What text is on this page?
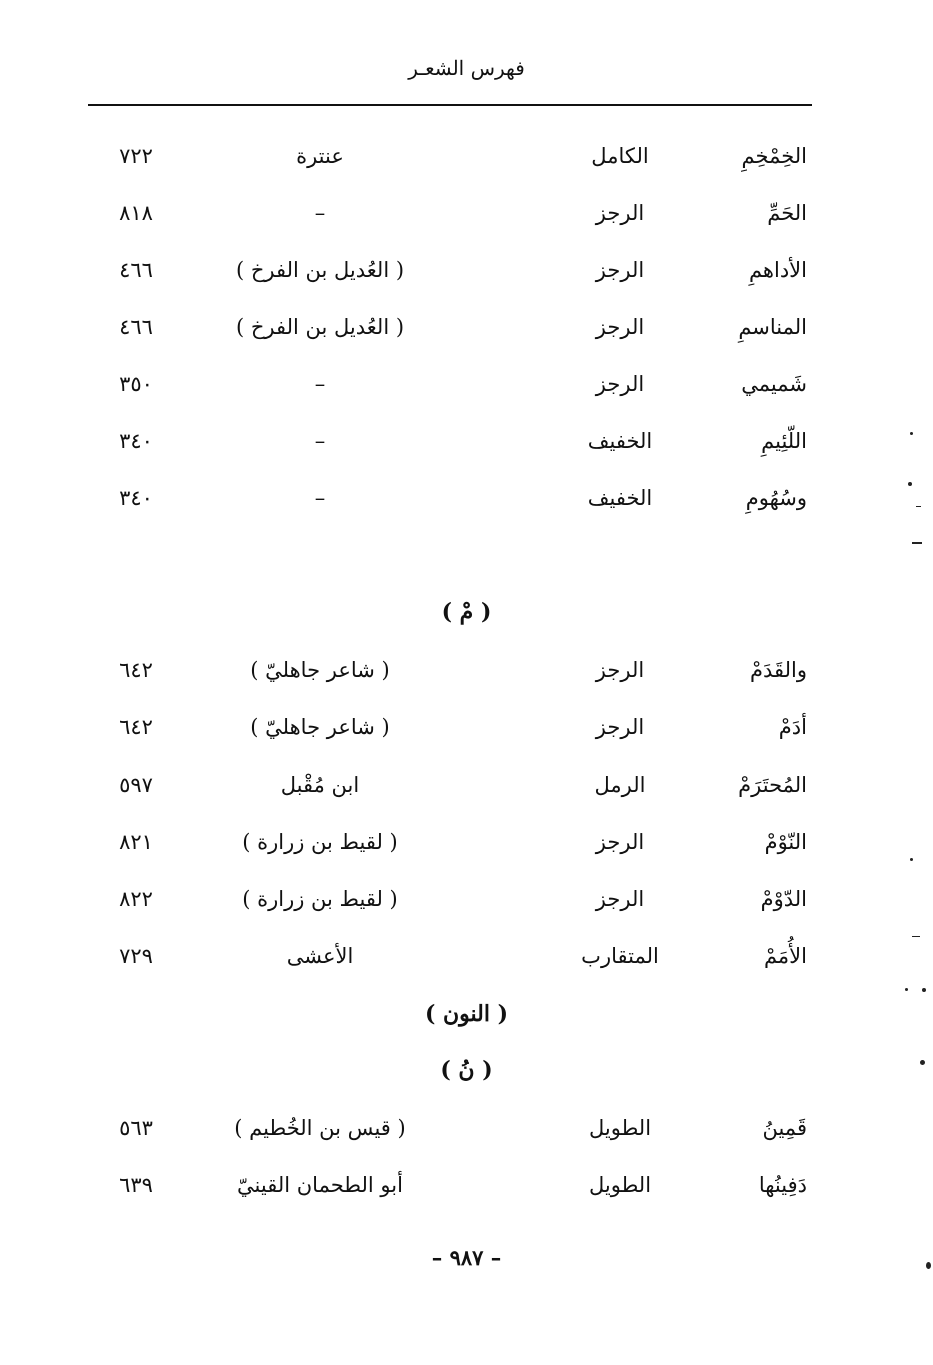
فهرس الشعـر
الخِمْخِمِ
الكامل
عنترة
٧٢٢
الحَمِّ
الرجز
–
٨١٨
الأداهمِ
الرجز
( العُديل بن الفرخ )
٤٦٦
المناسمِ
الرجز
( العُديل بن الفرخ )
٤٦٦
شَميمي
الرجز
–
٣٥٠
اللّئِيمِ
الخفيف
–
٣٤٠
وسُهُومِ
الخفيف
–
٣٤٠
( مْ )
والقَدَمْ
الرجز
( شاعر جاهليّ )
٦٤٢
أدَمْ
الرجز
( شاعر جاهليّ )
٦٤٢
المُحتَرَمْ
الرمل
ابن مُقْبل
٥٩٧
النّوْمْ
الرجز
( لقيط بن زرارة )
٨٢١
الدّوْمْ
الرجز
( لقيط بن زرارة )
٨٢٢
الأُمَمْ
المتقارب
الأعشى
٧٢٩
( النون )
( نُ )
قَمِينُ
الطويل
( قيس بن الخُطيم )
٥٦٣
دَفِينُها
الطويل
أبو الطحمان القينيّ
٦٣٩
– ٩٨٧ –
